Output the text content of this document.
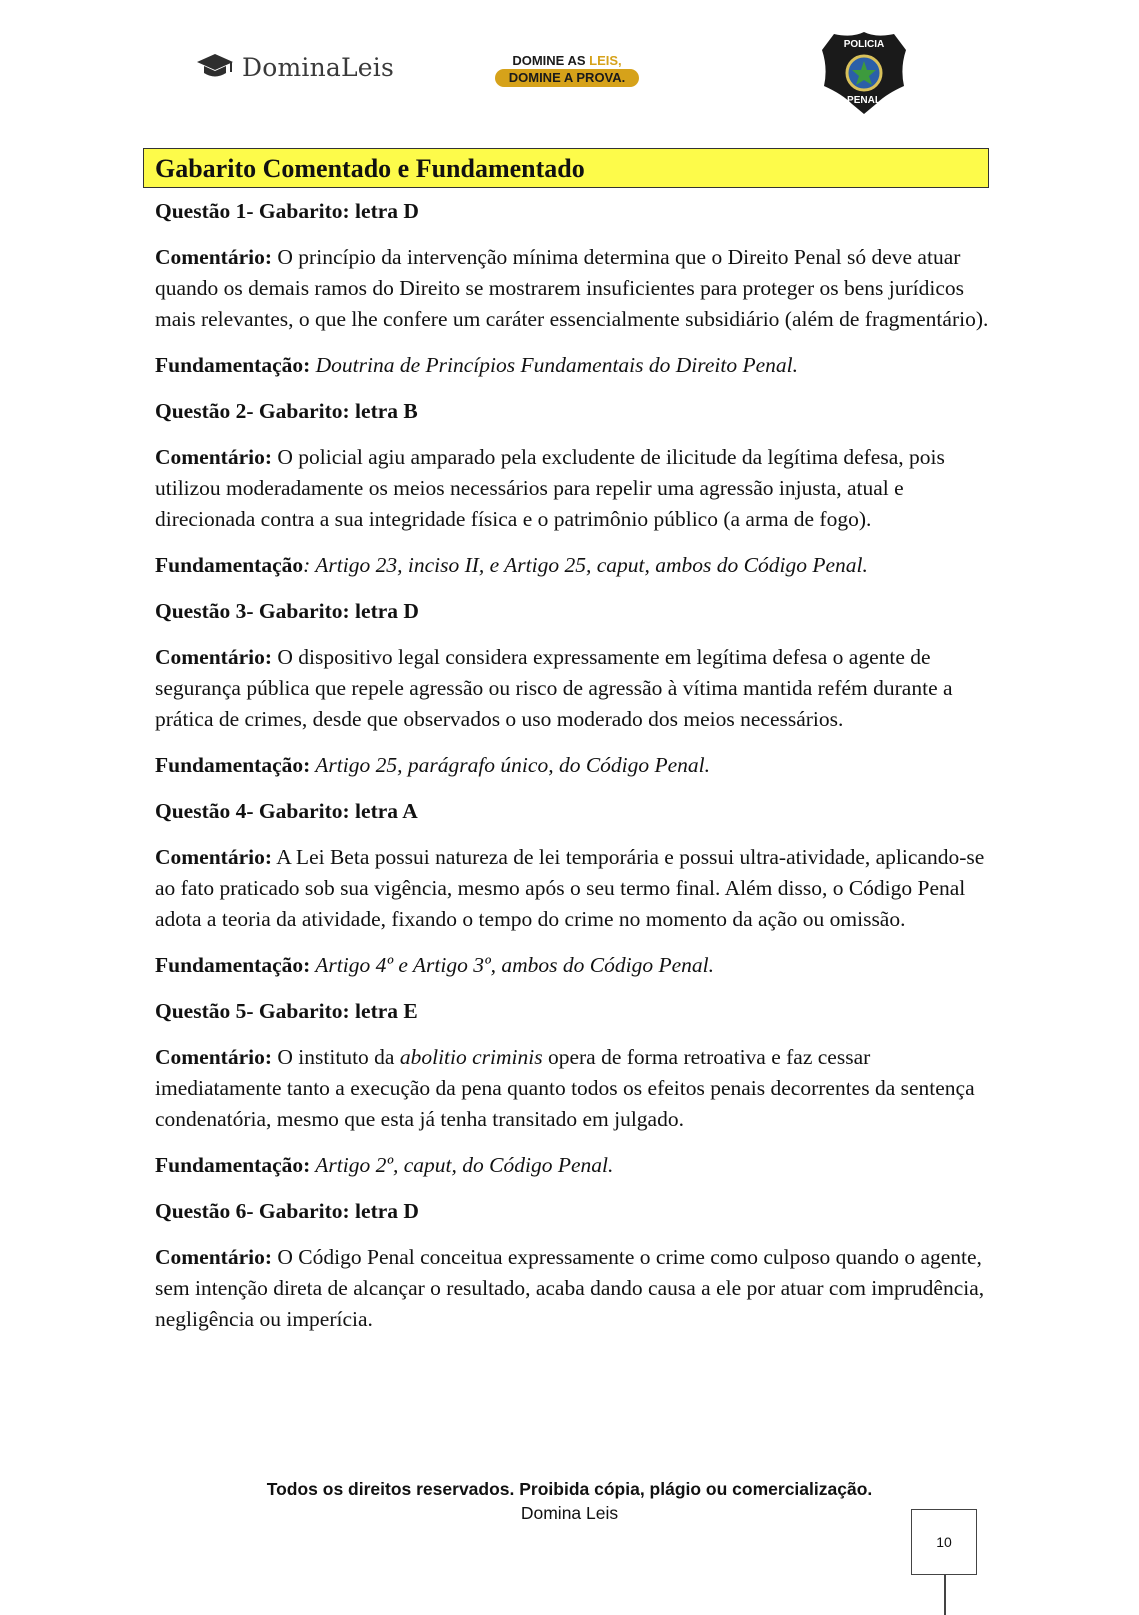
DominaLeis	DOMINE AS LEIS,
DOMINE A PROVA.
POLICIA
PENAL
Gabarito Comentado e Fundamentado

Questão 1- Gabarito: letra D

Comentário: O princípio da intervenção mínima determina que o Direito Penal só deve atuar quando os demais ramos do Direito se mostrarem insuficientes para proteger os bens jurídicos mais relevantes, o que lhe confere um caráter essencialmente subsidiário (além de fragmentário).

Fundamentação: Doutrina de Princípios Fundamentais do Direito Penal.

Questão 2- Gabarito: letra B

Comentário: O policial agiu amparado pela excludente de ilicitude da legítima defesa, pois utilizou moderadamente os meios necessários para repelir uma agressão injusta, atual e direcionada contra a sua integridade física e o patrimônio público (a arma de fogo).

Fundamentação: Artigo 23, inciso II, e Artigo 25, caput, ambos do Código Penal.

Questão 3- Gabarito: letra D

Comentário: O dispositivo legal considera expressamente em legítima defesa o agente de segurança pública que repele agressão ou risco de agressão à vítima mantida refém durante a prática de crimes, desde que observados o uso moderado dos meios necessários.

Fundamentação: Artigo 25, parágrafo único, do Código Penal.

Questão 4- Gabarito: letra A

Comentário: A Lei Beta possui natureza de lei temporária e possui ultra-atividade, aplicando-se ao fato praticado sob sua vigência, mesmo após o seu termo final. Além disso, o Código Penal adota a teoria da atividade, fixando o tempo do crime no momento da ação ou omissão.

Fundamentação: Artigo 4º e Artigo 3º, ambos do Código Penal.

Questão 5- Gabarito: letra E

Comentário: O instituto da abolitio criminis opera de forma retroativa e faz cessar imediatamente tanto a execução da pena quanto todos os efeitos penais decorrentes da sentença condenatória, mesmo que esta já tenha transitado em julgado.

Fundamentação: Artigo 2º, caput, do Código Penal.

Questão 6- Gabarito: letra D

Comentário: O Código Penal conceitua expressamente o crime como culposo quando o agente, sem intenção direta de alcançar o resultado, acaba dando causa a ele por atuar com imprudência, negligência ou imperícia.

Todos os direitos reservados. Proibida cópia, plágio ou comercialização.
Domina Leis
10
